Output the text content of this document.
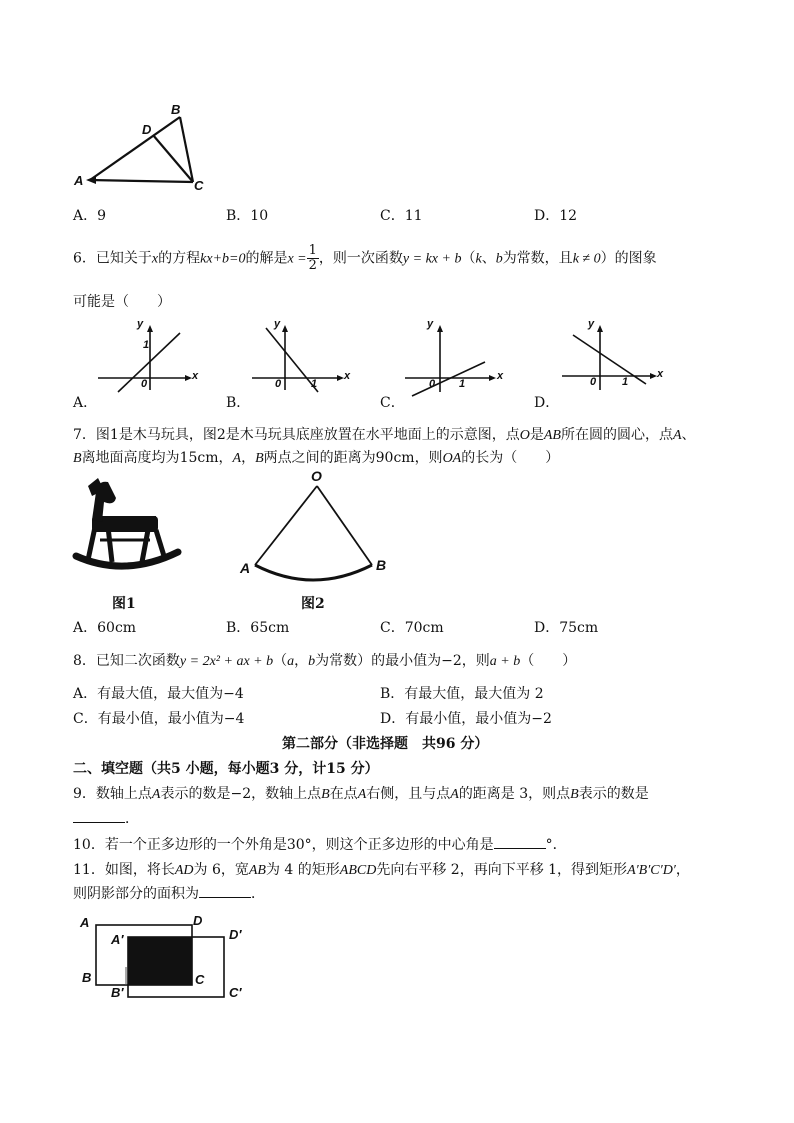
B
D
A	C
A．9	B．10	C．11	D．12
6．已知关于x的方程kx+b=0的解是$x = \frac{1}{2}$ ，则一次函数y = kx + b（k、b为常数，且k ≠ 0）的图象
可能是（　　）
y
x
0
1
A．
y
x
0	1
B．
y
x
0 1
C．
y
x
0 1
D．
7．图1是木马玩具，图2是木马玩具底座放置在水平地面上的示意图，点O是AB所在圆的圆心，点A、
B离地面高度均为15cm，A，B两点之间的距离为90cm，则OA的长为（　　）
图1
O
A	B
图2
A．60cm	B．65cm	C．70cm	D．75cm
8．已知二次函数y = 2x² + ax + b（a，b为常数）的最小值为−2，则a + b（　　）
A．有最大值，最大值为−4	B．有最大值，最大值为 2
C．有最小值，最小值为−4	D．有最小值，最小值为−2
第二部分（非选择题　共96 分）
二、填空题（共5 小题，每小题3 分，计15 分）
9．数轴上点A表示的数是−2，数轴上点B在点A右侧，且与点A的距离是 3，则点B表示的数是
．
10．若一个正多边形的一个外角是30°，则这个正多边形的中心角是	°．
11．如图，将长AD为 6，宽AB为 4 的矩形ABCD先向右平移 2，再向下平移 1，得到矩形A′B′C′D′，
则阴影部分的面积为	．
A	D
D′
A′
B	C
B′	C′
